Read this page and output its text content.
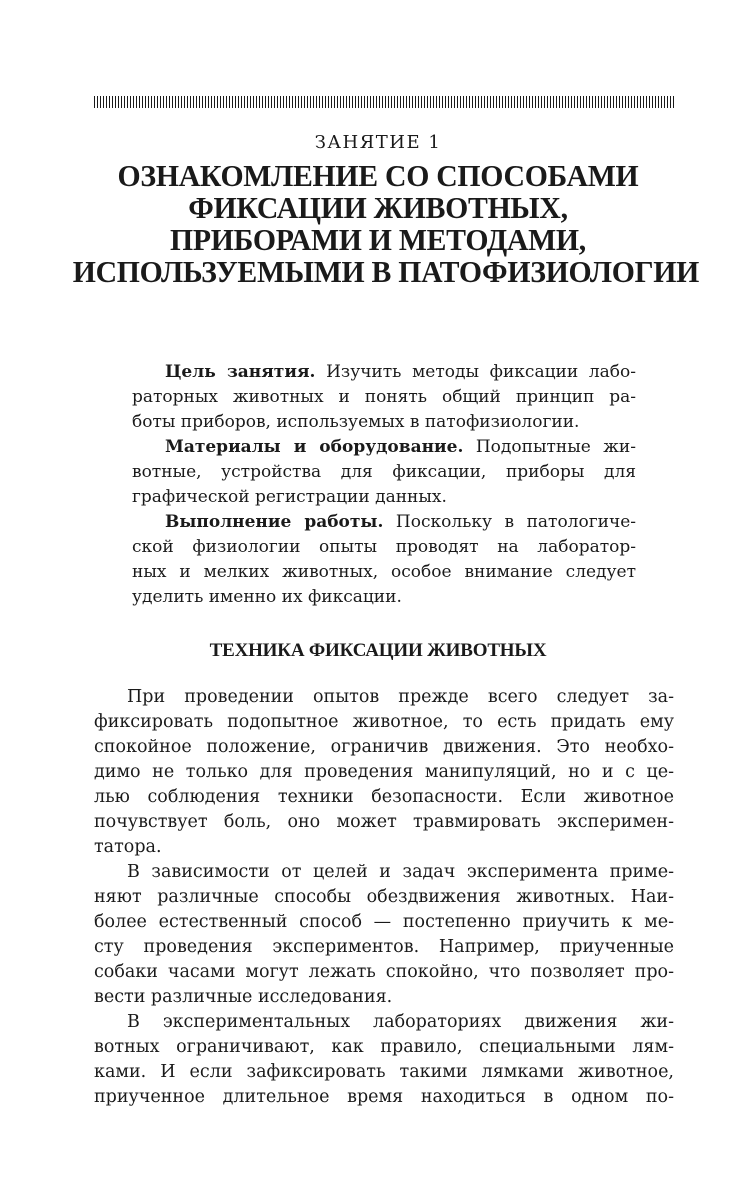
ЗАНЯТИЕ 1
ОЗНАКОМЛЕНИЕ СО СПОСОБАМИ
ФИКСАЦИИ ЖИВОТНЫХ,
ПРИБОРАМИ И МЕТОДАМИ,
ИСПОЛЬЗУЕМЫМИ В ПАТОФИЗИОЛОГИИ
Цель занятия. Изучить методы фиксации лабо-
раторных животных и понять общий принцип ра-
боты приборов, используемых в патофизиологии.
Материалы и оборудование. Подопытные жи-
вотные, устройства для фиксации, приборы для
графической регистрации данных.
Выполнение работы. Поскольку в патологиче-
ской физиологии опыты проводят на лаборатор-
ных и мелких животных, особое внимание следует
уделить именно их фиксации.
ТЕХНИКА ФИКСАЦИИ ЖИВОТНЫХ
При проведении опытов прежде всего следует за-
фиксировать подопытное животное, то есть придать ему
спокойное положение, ограничив движения. Это необхо-
димо не только для проведения манипуляций, но и с це-
лью соблюдения техники безопасности. Если животное
почувствует боль, оно может травмировать эксперимен-
татора.
В зависимости от целей и задач эксперимента приме-
няют различные способы обездвижения животных. Наи-
более естественный способ — постепенно приучить к ме-
сту проведения экспериментов. Например, приученные
собаки часами могут лежать спокойно, что позволяет про-
вести различные исследования.
В экспериментальных лабораториях движения жи-
вотных ограничивают, как правило, специальными лям-
ками. И если зафиксировать такими лямками животное,
приученное длительное время находиться в одном по-
